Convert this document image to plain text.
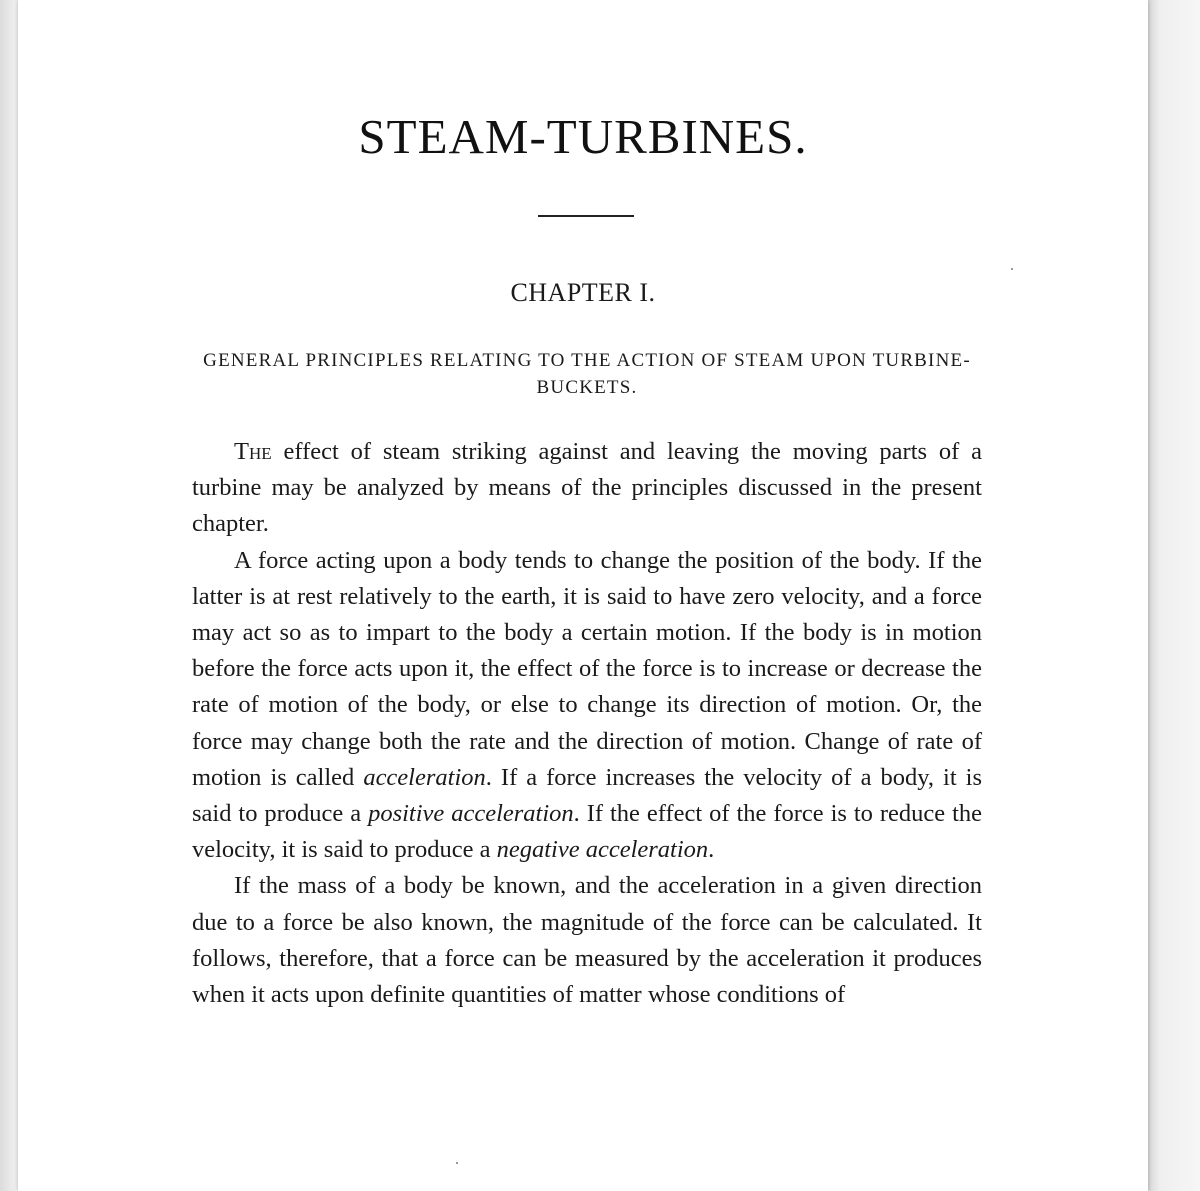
STEAM-TURBINES.
CHAPTER I.
GENERAL PRINCIPLES RELATING TO THE ACTION OF STEAM UPON TURBINE-BUCKETS.

The effect of steam striking against and leaving the moving parts of a turbine may be analyzed by means of the principles discussed in the present chapter.

A force acting upon a body tends to change the position of the body. If the latter is at rest relatively to the earth, it is said to have zero velocity, and a force may act so as to impart to the body a certain motion. If the body is in motion before the force acts upon it, the effect of the force is to increase or decrease the rate of motion of the body, or else to change its direction of motion. Or, the force may change both the rate and the direction of motion. Change of rate of motion is called acceleration. If a force increases the velocity of a body, it is said to produce a positive acceleration. If the effect of the force is to reduce the velocity, it is said to produce a negative acceleration.

If the mass of a body be known, and the acceleration in a given direction due to a force be also known, the magnitude of the force can be calculated. It follows, therefore, that a force can be measured by the acceleration it produces when it acts upon definite quantities of matter whose conditions of
